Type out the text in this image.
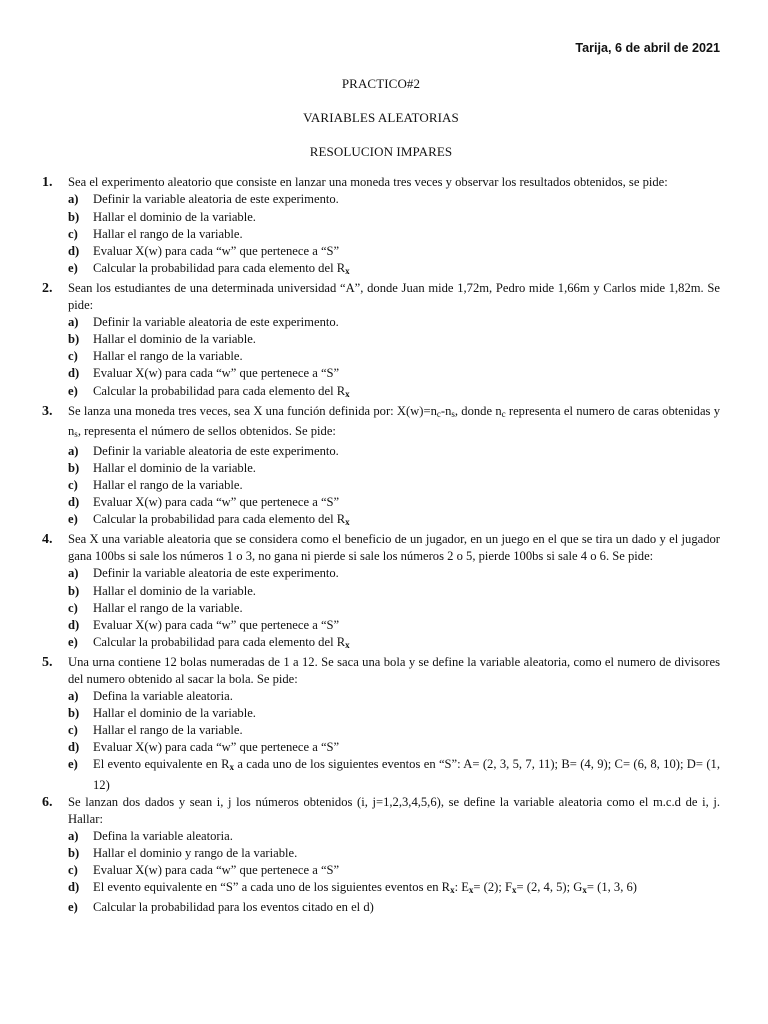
Tarija, 6 de abril de 2021
PRACTICO#2
VARIABLES ALEATORIAS
RESOLUCION IMPARES
1 . Sea el experimento aleatorio que consiste en lanzar una moneda tres veces y observar los resultados obtenidos, se pide:
a )	Definir la variable aleatoria de este experimento.
b )	Hallar el dominio de la variable.
c )	Hallar el rango de la variable.
d )	Evaluar X(w) para cada “w” que pertenece a “S”
e )	Calcular la probabilidad para cada elemento del $R_x$
2 . Sean los estudiantes de una determinada universidad “A”, donde Juan mide 1,72m, Pedro mide 1,66m y Carlos mide 1,82m. Se pide:
a )	Definir la variable aleatoria de este experimento.
b )	Hallar el dominio de la variable.
c )	Hallar el rango de la variable.
d )	Evaluar X(w) para cada “w” que pertenece a “S”
e )	Calcular la probabilidad para cada elemento del $R_x$
3 . Se lanza una moneda tres veces, sea X una función definida por: $X(w)=n_c-n_s$, donde $n_c$ representa el numero de caras obtenidas y $n_s$, representa el número de sellos obtenidos. Se pide:
a )	Definir la variable aleatoria de este experimento.
b )	Hallar el dominio de la variable.
c )	Hallar el rango de la variable.
d )	Evaluar X(w) para cada “w” que pertenece a “S”
e )	Calcular la probabilidad para cada elemento del $R_x$
4 . Sea X una variable aleatoria que se considera como el beneficio de un jugador, en un juego en el que se tira un dado y el jugador gana 100bs si sale los números 1 o 3, no gana ni pierde si sale los números 2 o 5, pierde 100bs si sale 4 o 6. Se pide:
a )	Definir la variable aleatoria de este experimento.
b )	Hallar el dominio de la variable.
c )	Hallar el rango de la variable.
d )	Evaluar X(w) para cada “w” que pertenece a “S”
e )	Calcular la probabilidad para cada elemento del $R_x$
5 . Una urna contiene 12 bolas numeradas de 1 a 12. Se saca una bola y se define la variable aleatoria, como el numero de divisores del numero obtenido al sacar la bola. Se pide:
a )	Defina la variable aleatoria.
b )	Hallar el dominio de la variable.
c )	Hallar el rango de la variable.
d )	Evaluar X(w) para cada “w” que pertenece a “S”
e )	El evento equivalente en $R_x$ a cada uno de los siguientes eventos en “S”: A= (2, 3, 5, 7, 11); B= (4, 9); C= (6, 8, 10); D= (1, 12)
6 . Se lanzan dos dados y sean i, j los números obtenidos (i, j=1,2,3,4,5,6), se define la variable aleatoria como el m.c.d de i, j. Hallar:
a )	Defina la variable aleatoria.
b )	Hallar el dominio y rango de la variable.
c )	Evaluar X(w) para cada “w” que pertenece a “S”
d )	El evento equivalente en “S” a cada uno de los siguientes eventos en $R_x$: $E_x= (2)$; $F_x= (2$, 4, 5); $G_x= (1$, 3, 6)
e )	Calcular la probabilidad para los eventos citado en el d)
